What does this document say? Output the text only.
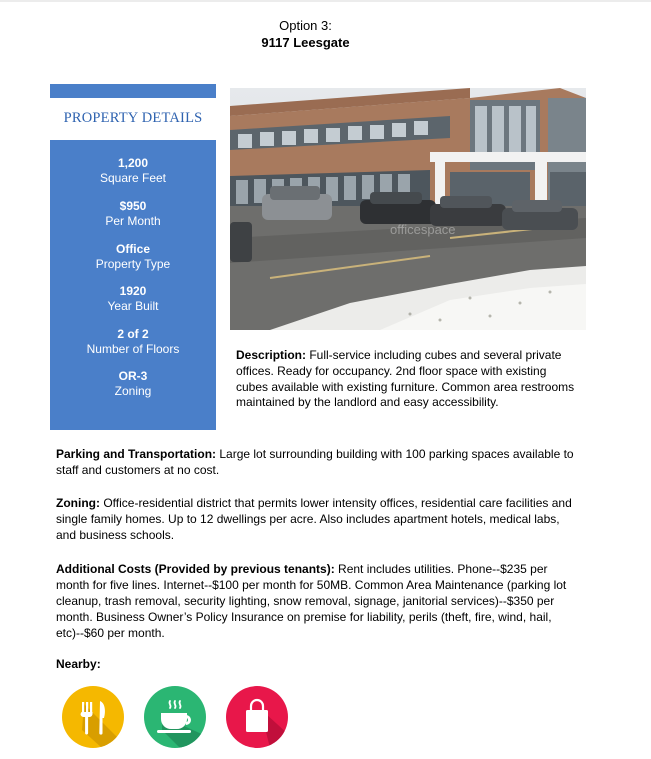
Option 3:
9117 Leesgate
PROPERTY DETAILS
1,200
Square Feet
$950
Per Month
Office
Property Type
1920
Year Built
2 of 2
Number of Floors
OR-3
Zoning
officespace
Description: Full-service including cubes and several private offices. Ready for occupancy. 2nd floor space with existing cubes available with existing furniture. Common area restrooms maintained by the landlord and easy accessibility.
Parking and Transportation: Large lot surrounding building with 100 parking spaces available to staff and customers at no cost.
Zoning: Office-residential district that permits lower intensity offices, residential care facilities and single family homes. Up to 12 dwellings per acre. Also includes apartment hotels, medical labs, and business schools.
Additional Costs (Provided by previous tenants): Rent includes utilities. Phone--$235 per month for five lines. Internet--$100 per month for 50MB. Common Area Maintenance (parking lot cleanup, trash removal, security lighting, snow removal, signage, janitorial services)--$350 per month. Business Owner’s Policy Insurance on premise for liability, perils (theft, fire, wind, hail, etc)--$60 per month.
Nearby:
